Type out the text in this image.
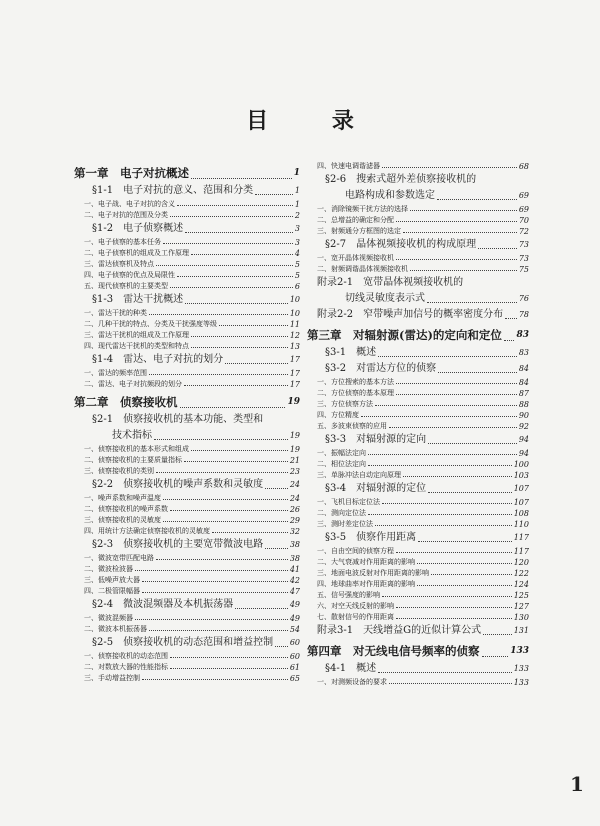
目 录
第一章　电子对抗概述	1
§1-1　电子对抗的意义、范围和分类	1
一、电子战、电子对抗的含义	1
二、电子对抗的范围及分类	2
§1-2　电子侦察概述	3
一、电子侦察的基本任务	3
二、电子侦察机的组成及工作原理	4
三、雷达侦察机及特点	5
四、电子侦察的优点及局限性	5
五、现代侦察机的主要类型	6
§1-3　雷达干扰概述	10
一、雷达干扰的种类	10
二、几种干扰的特点、分类及干扰强度等级	11
三、雷达干扰机的组成及工作原理	12
四、现代雷达干扰机的类型和特点	13
§1-4　雷达、电子对抗的划分	17
一、雷达的频率范围	17
二、雷达、电子对抗频段的划分	17
第二章　侦察接收机	19
§2-1　侦察接收机的基本功能、类型和
技术指标	19
一、侦察接收机的基本形式和组成	19
二、侦察接收机的主要质量指标	21
三、侦察接收机的类别	23
§2-2　侦察接收机的噪声系数和灵敏度	24
一、噪声系数和噪声温度	24
二、侦察接收机的噪声系数	26
三、侦察接收机的灵敏度	29
四、用统计方法确定侦察接收机的灵敏度	32
§2-3　侦察接收机的主要宽带微波电路	38
一、微波宽带匹配电路	38
二、微波检波器	41
三、低噪声放大器	42
四、二极管限幅器	47
§2-4　微波混频器及本机振荡器	49
一、微波混频器	49
二、微波本机振荡器	54
§2-5　侦察接收机的动态范围和增益控制 60
一、侦察接收机的动态范围	60
二、对数放大器的性能指标	61
三、手动增益控制	65
四、快速电调谐滤器	68
§2-6　搜索式超外差侦察接收机的
电路构成和参数选定	69
一、消除镜频干扰方法的选择	69
二、总增益的确定和分配	70
三、射频通分方框图的选定	72
§2-7　晶体视频接收机的构成原理	73
一、宽开晶体视频接收机	73
二、射频调谐晶体视频接收机	75
附录2-1　宽带晶体视频接收机的
切线灵敏度表示式	76
附录2-2　窄带噪声加信号的概率密度分布 78
第三章　对辐射源(雷达)的定向和定位 83
§3-1　概述	83
§3-2　对雷达方位的侦察	84
一、方位搜索的基本方法	84
二、方位侦察的基本原理	87
三、方位侦察方法	88
四、方位精度	90
五、多波束侦察的应用	92
§3-3　对辐射源的定向	94
一、振幅法定向	94
二、相位法定向	100
三、单脉冲法自动定向原理	103
§3-4　对辐射源的定位	107
一、飞机目标定位法	107
二、测向定位法	108
三、测时差定位法	110
§3-5　侦察作用距离	117
一、自由空间的侦察方程	117
二、大气衰减对作用距离的影响	120
三、地面电波反射对作用距离的影响	122
四、地球曲率对作用距离的影响	124
五、信号强度的影响	125
六、对空天线反射的影响	127
七、散射信号的作用距离	130
附录3-1　天线增益G的近似计算公式	131
第四章　对无线电信号频率的侦察	133
§4-1　概述	133
一、对测频设备的要求	133
1
